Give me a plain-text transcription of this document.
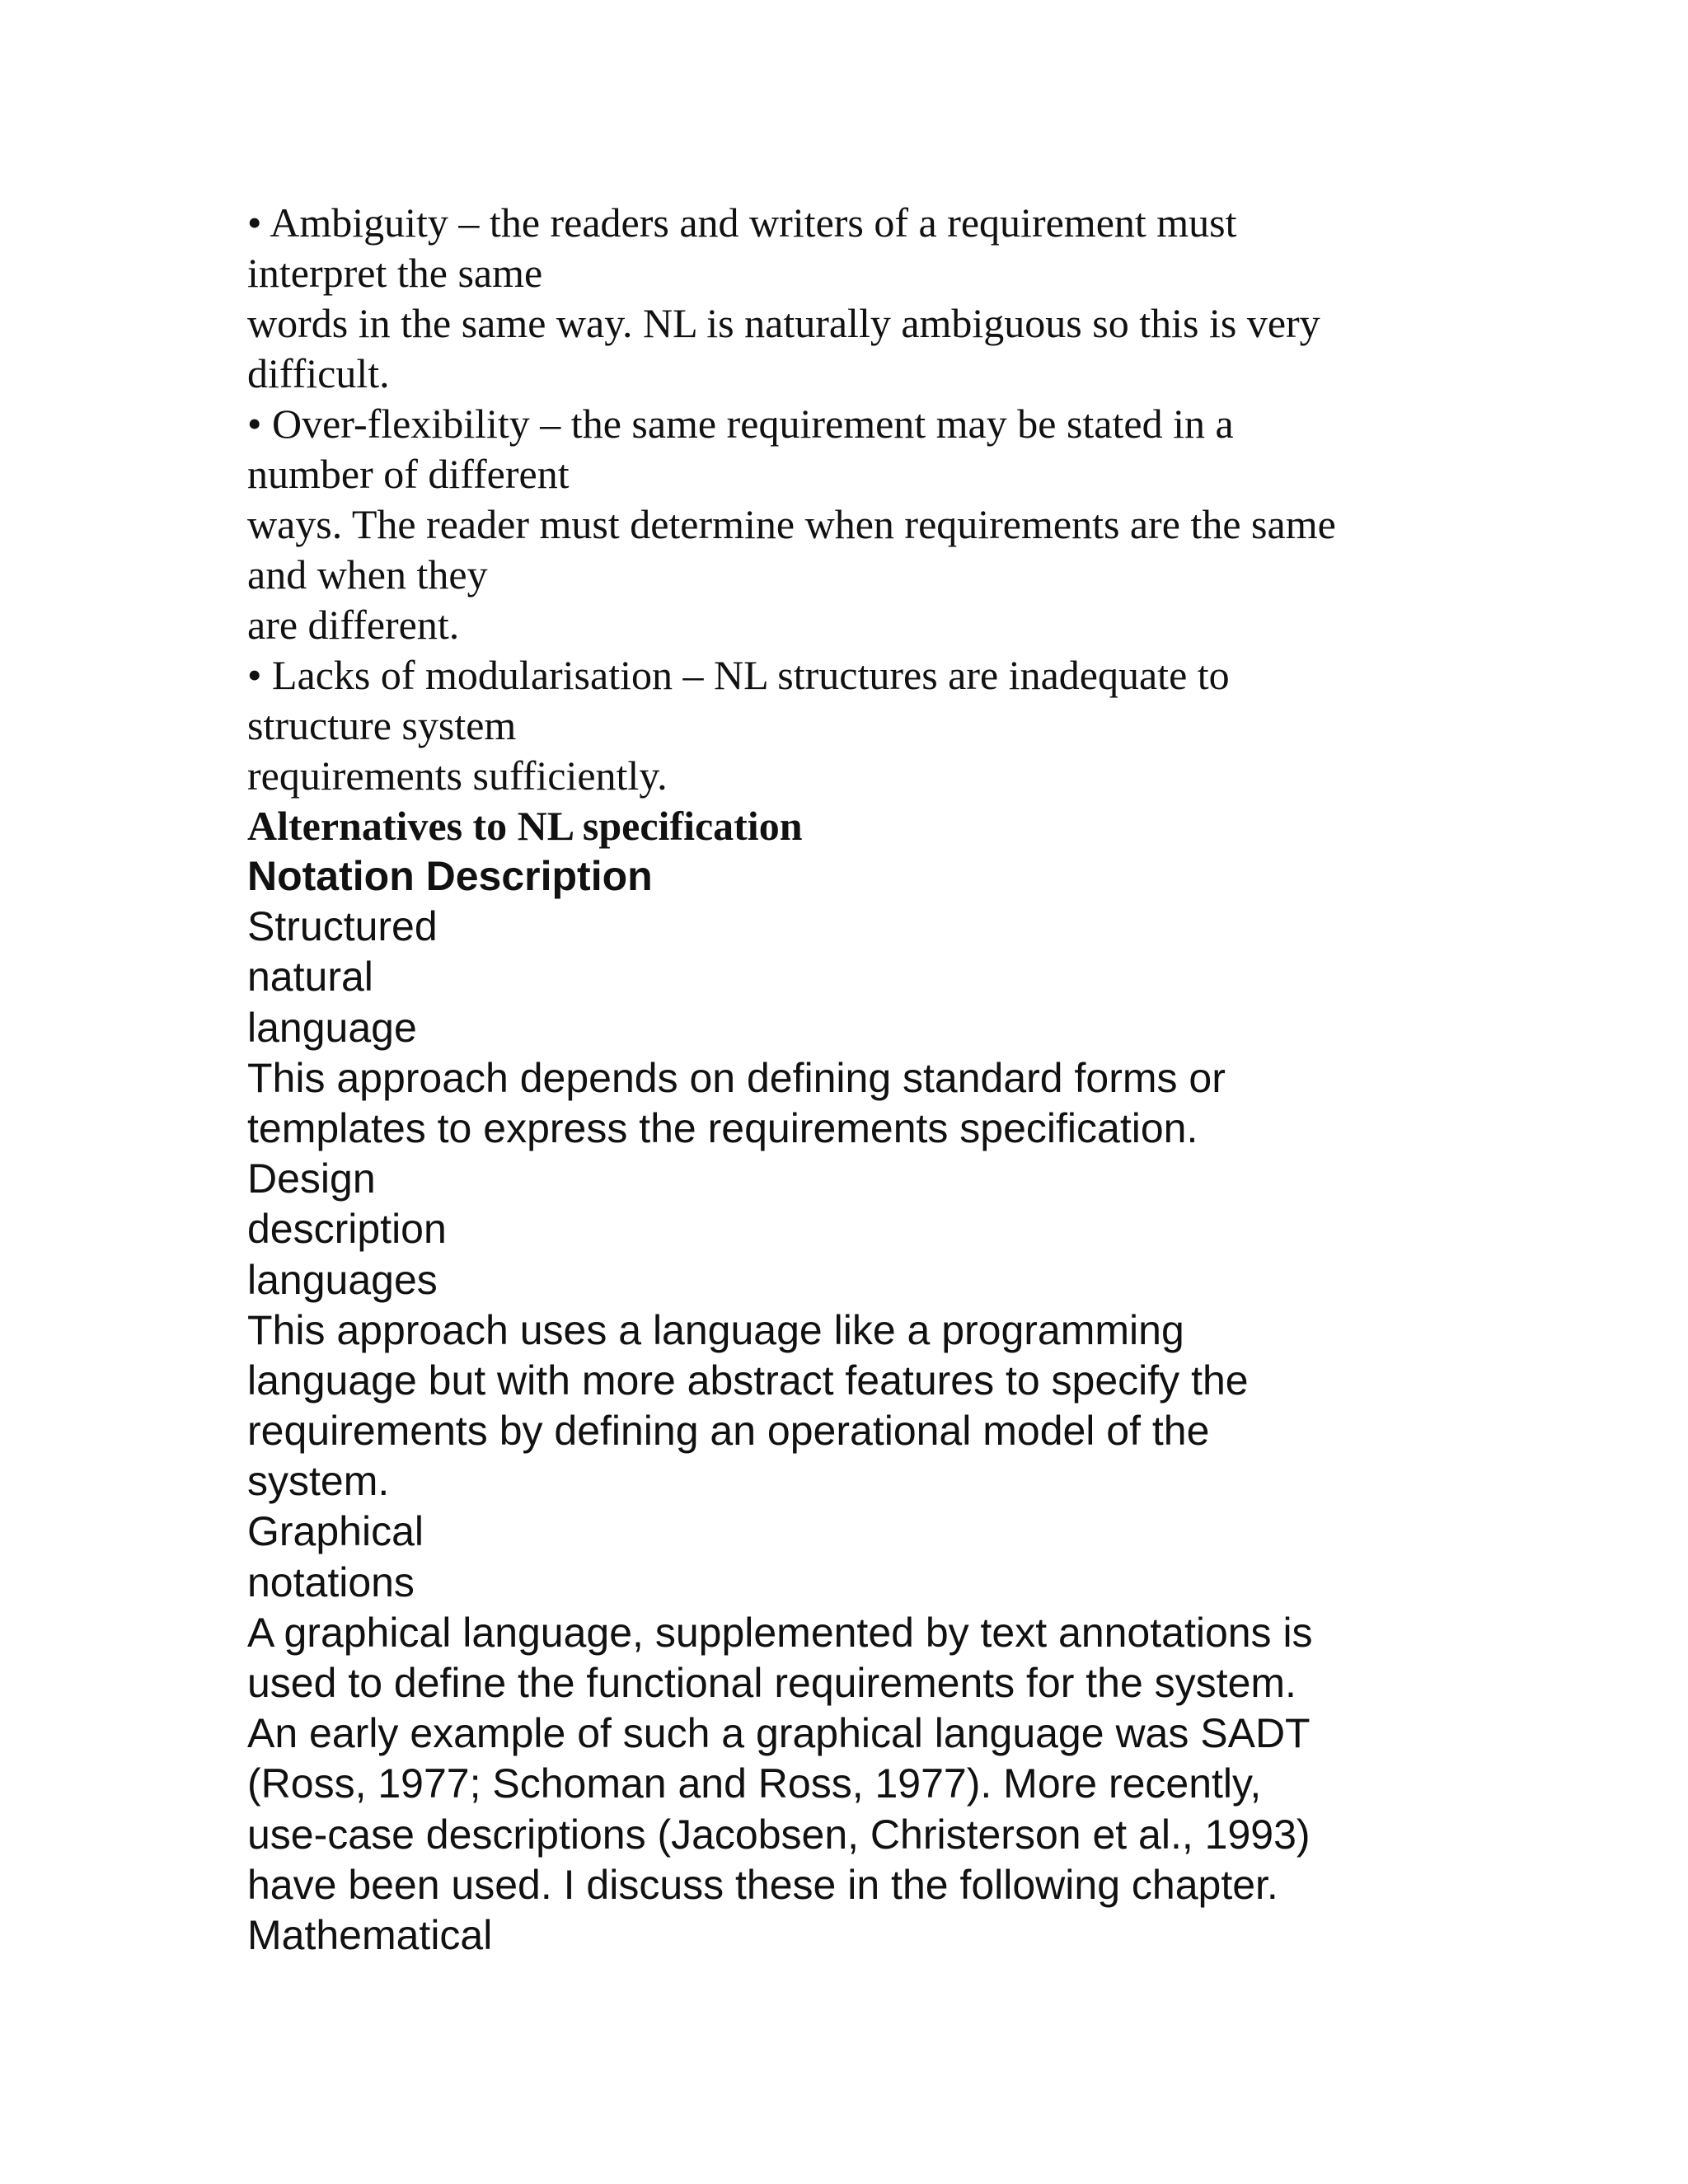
• Ambiguity – the readers and writers of a requirement must
interpret the same
words in the same way. NL is naturally ambiguous so this is very
difficult.
• Over-flexibility – the same requirement may be stated in a
number of different
ways. The reader must determine when requirements are the same
and when they
are different.
• Lacks of modularisation – NL structures are inadequate to
structure system
requirements sufficiently.
Alternatives to NL specification
Notation Description
Structured
natural
language
This approach depends on defining standard forms or
templates to express the requirements specification.
Design
description
languages
This approach uses a language like a programming
language but with more abstract features to specify the
requirements by defining an operational model of the
system.
Graphical
notations
A graphical language, supplemented by text annotations is
used to define the functional requirements for the system.
An early example of such a graphical language was SADT
(Ross, 1977; Schoman and Ross, 1977). More recently,
use-case descriptions (Jacobsen, Christerson et al., 1993)
have been used. I discuss these in the following chapter.
Mathematical
